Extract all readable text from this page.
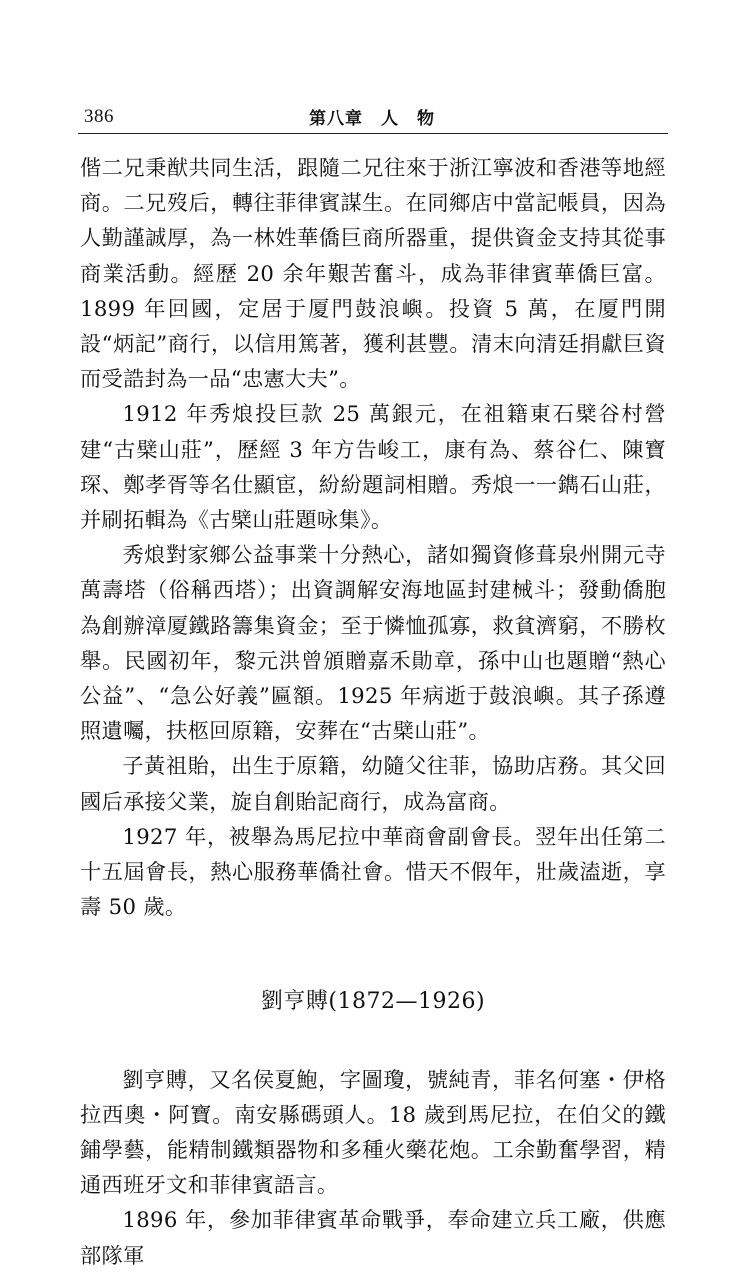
386	第八章　人　物

偕二兄秉猷共同生活，跟隨二兄往來于浙江寧波和香港等地經商。二兄歿后，轉往菲律賓謀生。在同鄉店中當記帳員，因為人勤謹誠厚，為一林姓華僑巨商所器重，提供資金支持其從事商業活動。經歷 20 余年艱苦奮斗，成為菲律賓華僑巨富。1899 年回國，定居于厦門鼓浪嶼。投資 5 萬，在厦門開設“炳記”商行，以信用篤著，獲利甚豐。清末向清廷捐獻巨資而受誥封為一品“忠憲大夫”。

1912 年秀烺投巨款 25 萬銀元，在祖籍東石檗谷村營建“古檗山莊”，歷經 3 年方告峻工，康有為、蔡谷仁、陳寶琛、鄭孝胥等名仕顯宦，紛紛題詞相贈。秀烺一一鐫石山莊，并刷拓輯為《古檗山莊題咏集》。

秀烺對家鄉公益事業十分熱心，諸如獨資修葺泉州開元寺萬壽塔（俗稱西塔）；出資調解安海地區封建械斗；發動僑胞為創辦漳厦鐵路籌集資金；至于憐恤孤寡，救貧濟窮，不勝枚舉。民國初年，黎元洪曾頒贈嘉禾勛章，孫中山也題贈“熱心公益”、“急公好義”匾額。1925 年病逝于鼓浪嶼。其子孫遵照遺囑，扶柩回原籍，安葬在“古檗山莊”。

子黃祖貽，出生于原籍，幼隨父往菲，協助店務。其父回國后承接父業，旋自創貽記商行，成為富商。

1927 年，被舉為馬尼拉中華商會副會長。翌年出任第二十五屆會長，熱心服務華僑社會。惜天不假年，壯歲溘逝，享壽 50 歲。

劉亨賻(1872—1926)

劉亨賻，又名侯夏鮑，字圖瓊，號純青，菲名何塞・伊格拉西奧・阿寶。南安縣碼頭人。18 歲到馬尼拉，在伯父的鐵鋪學藝，能精制鐵類器物和多種火藥花炮。工余勤奮學習，精通西班牙文和菲律賓語言。

1896 年，參加菲律賓革命戰爭，奉命建立兵工廠，供應部隊軍
